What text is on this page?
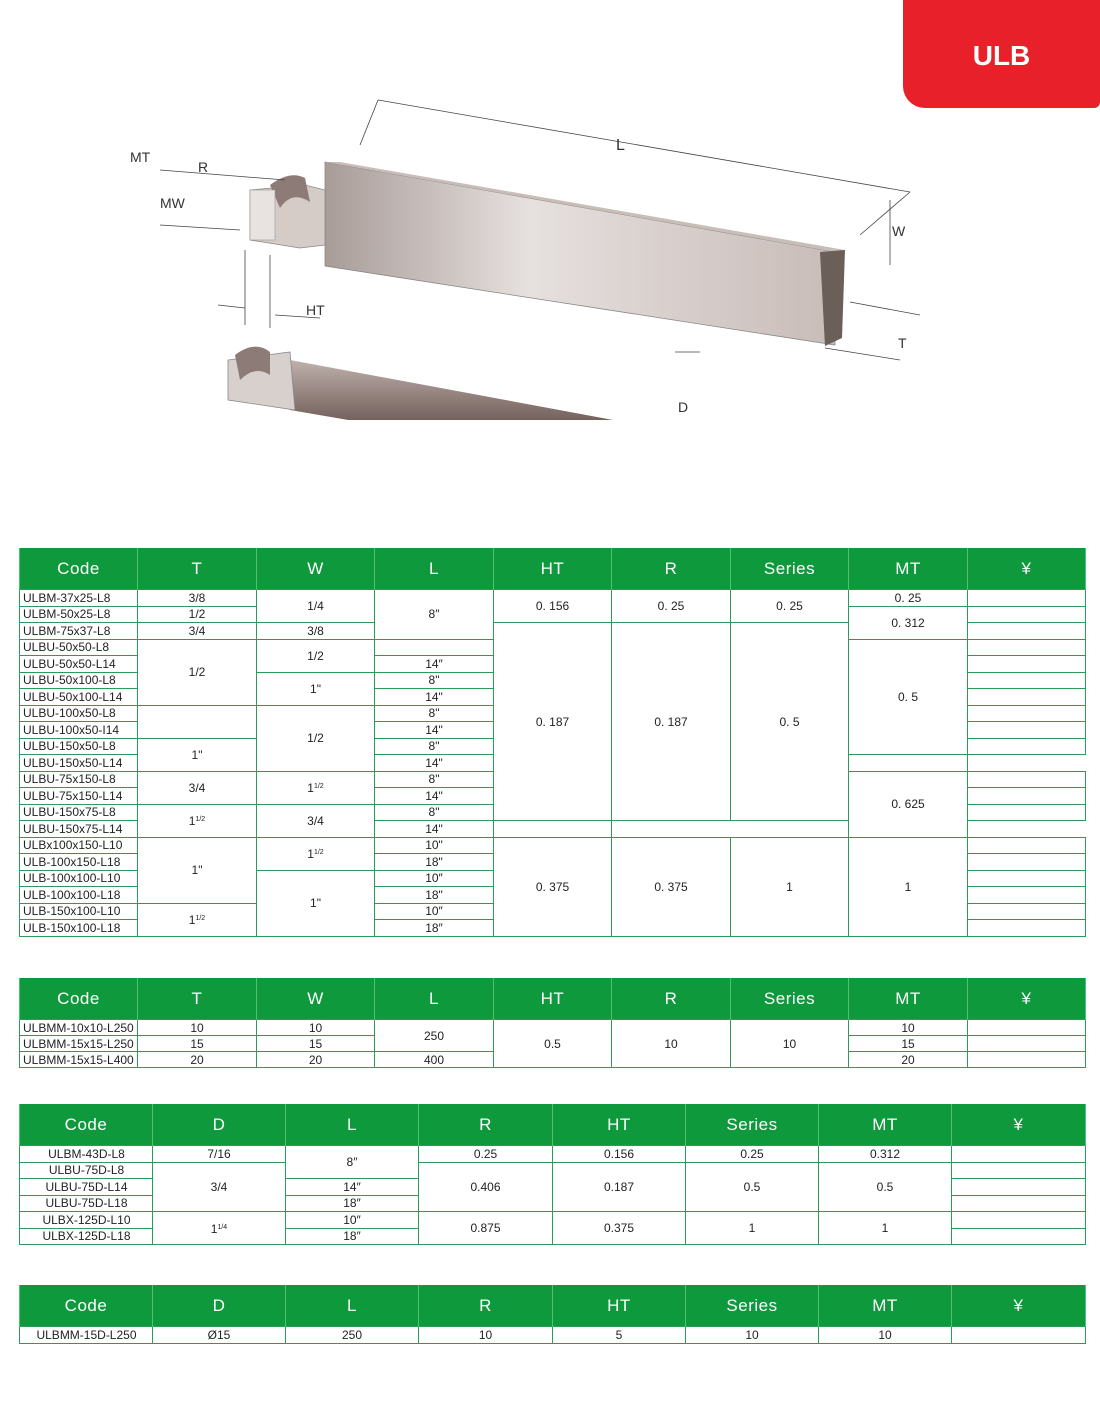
ULB
L
MT
R
MW
W
HT
T
D
Code	T	W	L	HT	R	Series	MT	¥
ULBM-37x25-L8	3/8	1/4	8″	0. 156	0. 25	0. 25	0. 25	
ULBM-50x25-L8	1/2						0. 312	
ULBM-75x37-L8	3/4	3/8		0. 187	0. 187	0. 5		
ULBU-50x50-L8	1/2	1/2					0. 5	
ULBU-50x50-L14			14″					
ULBU-50x100-L8		1"	8"					
ULBU-50x100-L14			14"					
ULBU-100x50-L8		1/2	8"					
ULBU-100x50-I14			14"					
ULBU-150x50-L8	1"		8"					
ULBU-150x50-L14			14"					
ULBU-75x150-L8	3/4	$1^{1/2}$	8"				0. 625	
ULBU-75x150-L14			14"					
ULBU-150x75-L8	$1^{1/2}$	3/4	8"					
ULBU-150x75-L14			14"					
ULBx100x150-L10	1"	$1^{1/2}$	10"	0. 375	0. 375	1	1	
ULB-100x150-L18			18"					
ULB-100x100-L10		1"	10″					
ULB-100x100-L18			18"					
ULB-150x100-L10	$1^{1/2}$		10″					
ULB-150x100-L18			18″					
Code	T	W	L	HT	R	Series	MT	¥
ULBMM-10x10-L250	10	10	250	0.5	10	10	10	
ULBMM-15x15-L250	15	15					15	
ULBMM-15x15-L400	20	20	400				20	
Code	D	L	R	HT	Series	MT	¥
ULBM-43D-L8	7/16	8″	0.25	0.156	0.25	0.312	
ULBU-75D-L8	3/4		0.406	0.187	0.5	0.5	
ULBU-75D-L14		14″					
ULBU-75D-L18		18″					
ULBX-125D-L10	$1^{1/4}$	10″	0.875	0.375	1	1	
ULBX-125D-L18		18″					
Code	D	L	R	HT	Series	MT	¥
ULBMM-15D-L250	Ø15	250	10	5	10	10	
